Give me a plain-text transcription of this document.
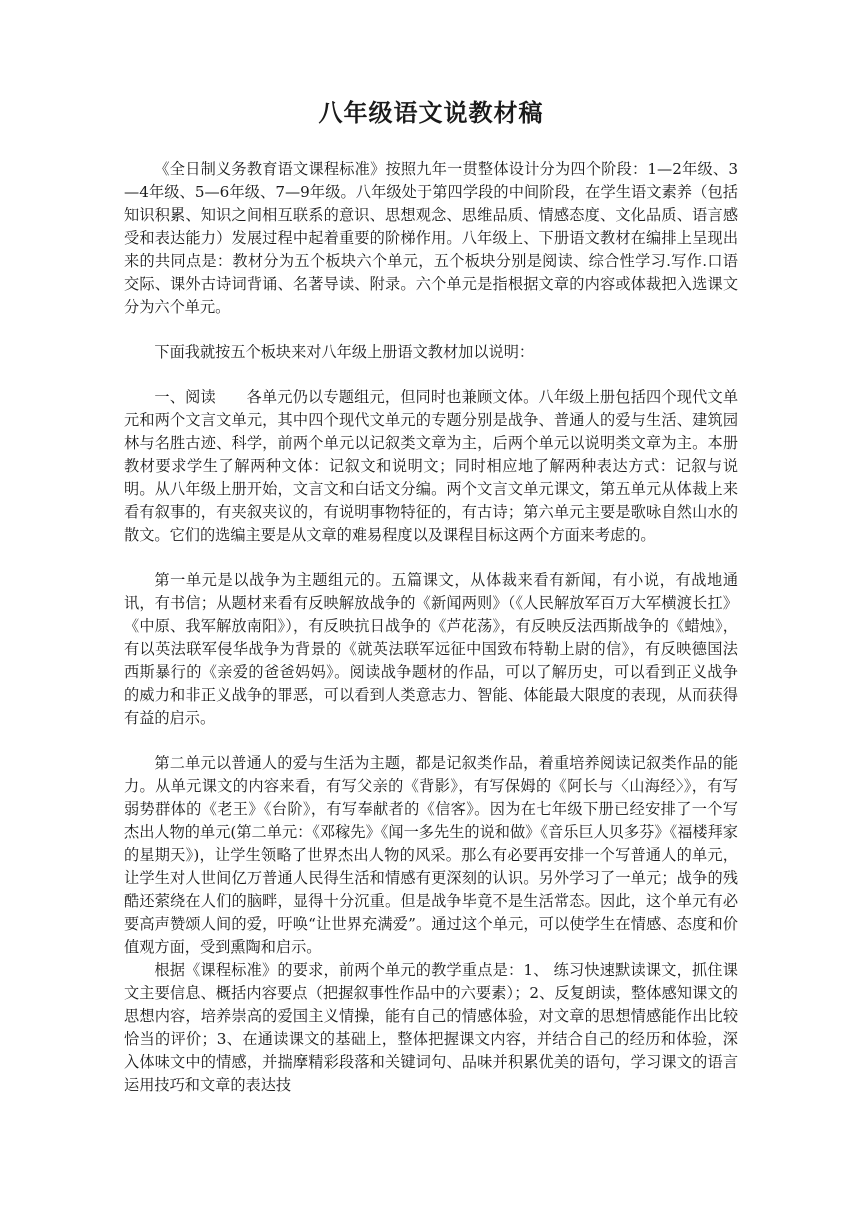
八年级语文说教材稿

《全日制义务教育语文课程标准》按照九年一贯整体设计分为四个阶段：1—2年级、3—4年级、5—6年级、7—9年级。八年级处于第四学段的中间阶段，在学生语文素养（包括知识积累、知识之间相互联系的意识、思想观念、思维品质、情感态度、文化品质、语言感受和表达能力）发展过程中起着重要的阶梯作用。八年级上、下册语文教材在编排上呈现出来的共同点是：教材分为五个板块六个单元，五个板块分别是阅读、综合性学习.写作.口语交际、课外古诗词背诵、名著导读、附录。六个单元是指根据文章的内容或体裁把入选课文分为六个单元。

下面我就按五个板块来对八年级上册语文教材加以说明：

一、阅读　　各单元仍以专题组元，但同时也兼顾文体。八年级上册包括四个现代文单元和两个文言文单元，其中四个现代文单元的专题分别是战争、普通人的爱与生活、建筑园林与名胜古迹、科学，前两个单元以记叙类文章为主，后两个单元以说明类文章为主。本册教材要求学生了解两种文体：记叙文和说明文；同时相应地了解两种表达方式：记叙与说明。从八年级上册开始，文言文和白话文分编。两个文言文单元课文，第五单元从体裁上来看有叙事的，有夹叙夹议的，有说明事物特征的，有古诗；第六单元主要是歌咏自然山水的散文。它们的选编主要是从文章的难易程度以及课程目标这两个方面来考虑的。

第一单元是以战争为主题组元的。五篇课文，从体裁来看有新闻，有小说，有战地通讯，有书信；从题材来看有反映解放战争的《新闻两则》（《人民解放军百万大军横渡长扛》《中原、我军解放南阳》），有反映抗日战争的《芦花荡》，有反映反法西斯战争的《蜡烛》，有以英法联军侵华战争为背景的《就英法联军远征中国致布特勒上尉的信》，有反映德国法西斯暴行的《亲爱的爸爸妈妈》。阅读战争题材的作品，可以了解历史，可以看到正义战争的威力和非正义战争的罪恶，可以看到人类意志力、智能、体能最大限度的表现，从而获得有益的启示。

第二单元以普通人的爱与生活为主题，都是记叙类作品，着重培养阅读记叙类作品的能力。从单元课文的内容来看，有写父亲的《背影》，有写保姆的《阿长与〈山海经〉》，有写弱势群体的《老王》《台阶》，有写奉献者的《信客》。因为在七年级下册已经安排了一个写杰出人物的单元(第二单元：《邓稼先》《闻一多先生的说和做》《音乐巨人贝多芬》《福楼拜家的星期天》)，让学生领略了世界杰出人物的风采。那么有必要再安排一个写普通人的单元，让学生对人世间亿万普通人民得生活和情感有更深刻的认识。另外学习了一单元；战争的残酷还萦绕在人们的脑畔，显得十分沉重。但是战争毕竟不是生活常态。因此，这个单元有必要高声赞颂人间的爱，吁唤“让世界充满爱”。通过这个单元，可以使学生在情感、态度和价值观方面，受到熏陶和启示。

根据《课程标准》的要求，前两个单元的教学重点是：1、 练习快速默读课文，抓住课文主要信息、概括内容要点（把握叙事性作品中的六要素）；2、反复朗读，整体感知课文的思想内容，培养崇高的爱国主义情操，能有自己的情感体验，对文章的思想情感能作出比较恰当的评价；3、在通读课文的基础上，整体把握课文内容，并结合自己的经历和体验，深入体味文中的情感，并揣摩精彩段落和关键词句、品味并积累优美的语句，学习课文的语言运用技巧和文章的表达技
